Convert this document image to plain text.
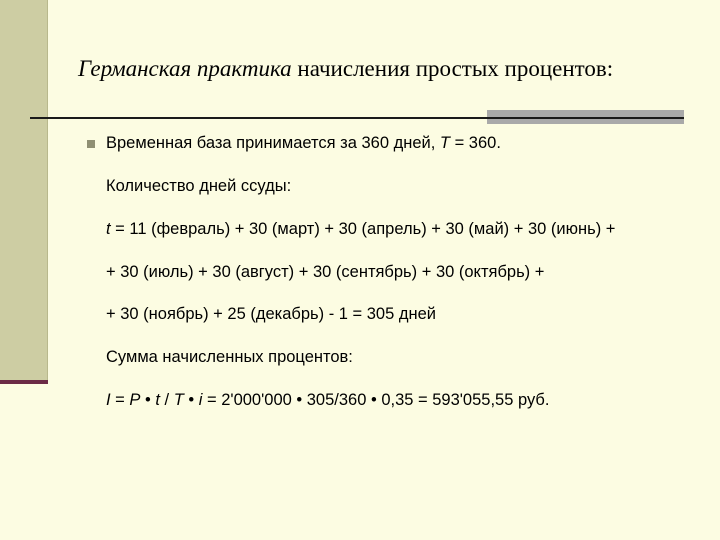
Германская практика начисления простых процентов:
Временная база принимается за 360 дней, T = 360.
Количество дней ссуды:
t = 11 (февраль) + 30 (март) + 30 (апрель) + 30 (май) + 30 (июнь) +
+ 30 (июль) + 30 (август) + 30 (сентябрь) + 30 (октябрь) +
+ 30 (ноябрь) + 25 (декабрь) - 1 = 305 дней
Сумма начисленных процентов:
I = P • t / T • i = 2'000'000 • 305/360 • 0,35 = 593'055,55 руб.
